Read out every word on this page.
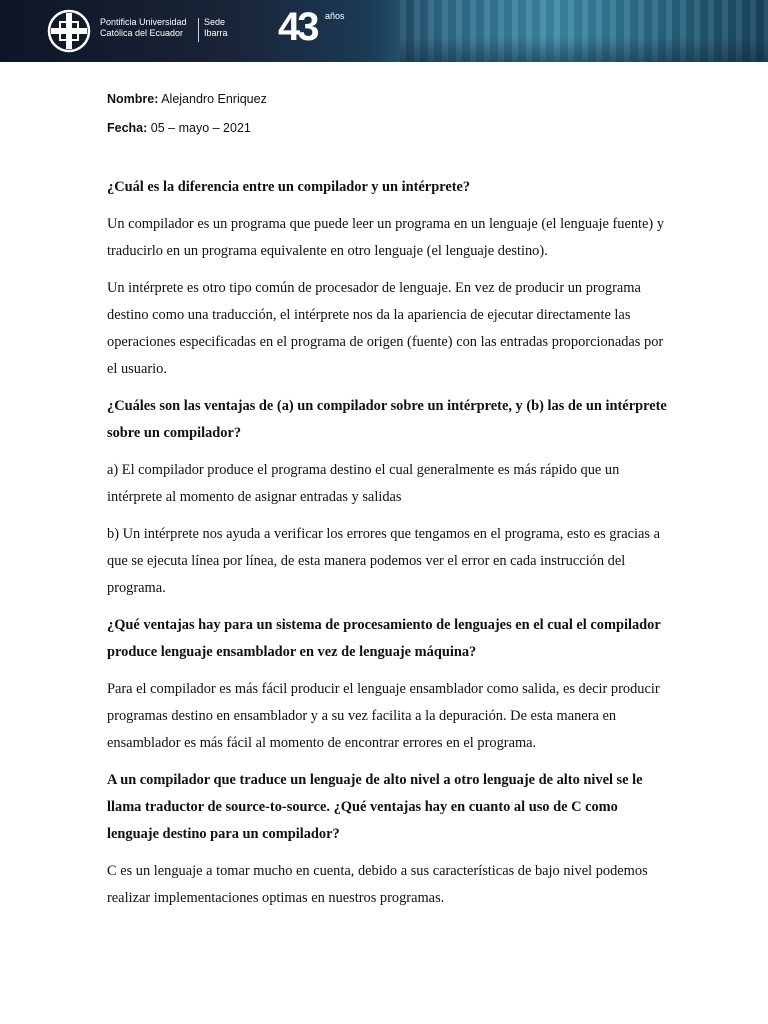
Pontificia Universidad
Católica del Ecuador
Sede
Ibarra 43 años
Nombre: Alejandro Enriquez
Fecha: 05 – mayo – 2021

¿Cuál es la diferencia entre un compilador y un intérprete?

Un compilador es un programa que puede leer un programa en un lenguaje (el lenguaje fuente) y traducirlo en un programa equivalente en otro lenguaje (el lenguaje destino).

Un intérprete es otro tipo común de procesador de lenguaje. En vez de producir un programa destino como una traducción, el intérprete nos da la apariencia de ejecutar directamente las operaciones especificadas en el programa de origen (fuente) con las entradas proporcionadas por el usuario.

¿Cuáles son las ventajas de (a) un compilador sobre un intérprete, y (b) las de un intérprete sobre un compilador?

a) El compilador produce el programa destino el cual generalmente es más rápido que un intérprete al momento de asignar entradas y salidas

b) Un intérprete nos ayuda a verificar los errores que tengamos en el programa, esto es gracias a que se ejecuta línea por línea, de esta manera podemos ver el error en cada instrucción del programa.

¿Qué ventajas hay para un sistema de procesamiento de lenguajes en el cual el compilador produce lenguaje ensamblador en vez de lenguaje máquina?

Para el compilador es más fácil producir el lenguaje ensamblador como salida, es decir producir programas destino en ensamblador y a su vez facilita a la depuración. De esta manera en ensamblador es más fácil al momento de encontrar errores en el programa.

A un compilador que traduce un lenguaje de alto nivel a otro lenguaje de alto nivel se le llama traductor de source-to-source. ¿Qué ventajas hay en cuanto al uso de C como lenguaje destino para un compilador?

C es un lenguaje a tomar mucho en cuenta, debido a sus características de bajo nivel podemos realizar implementaciones optimas en nuestros programas.
